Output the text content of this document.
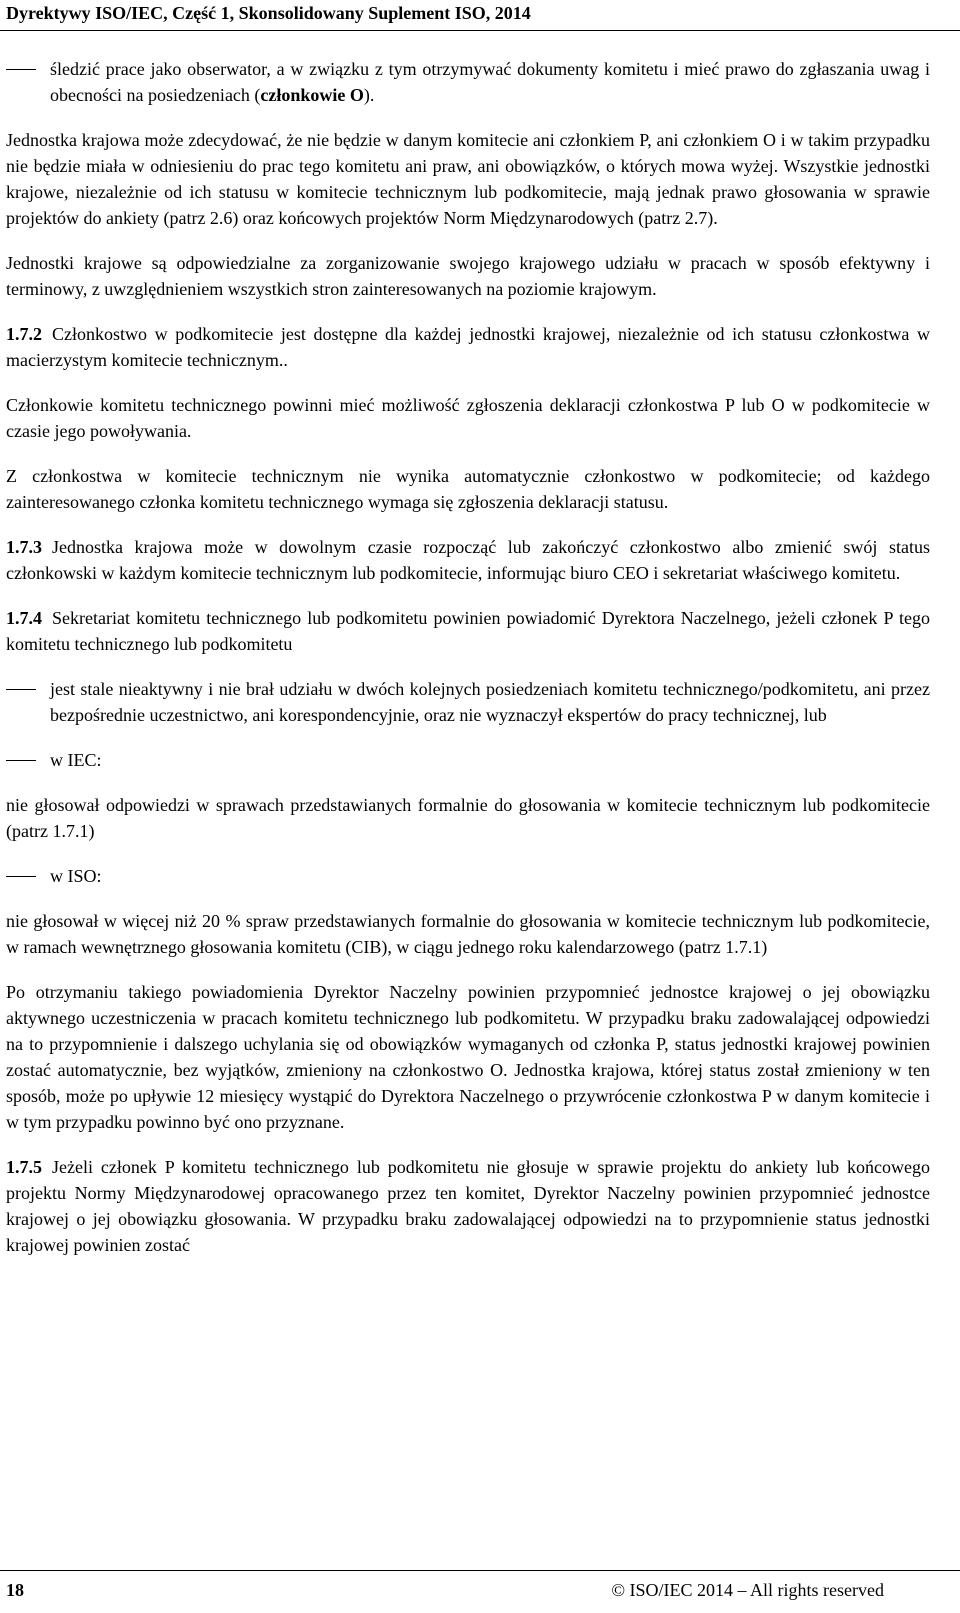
Dyrektywy ISO/IEC, Część 1, Skonsolidowany Suplement ISO, 2014

śledzić prace jako obserwator, a w związku z tym otrzymywać dokumenty komitetu i mieć prawo do zgłaszania uwag i obecności na posiedzeniach (członkowie O).

Jednostka krajowa może zdecydować, że nie będzie w danym komitecie ani członkiem P, ani członkiem O i w takim przypadku nie będzie miała w odniesieniu do prac tego komitetu ani praw, ani obowiązków, o których mowa wyżej. Wszystkie jednostki krajowe, niezależnie od ich statusu w komitecie technicznym lub podkomitecie, mają jednak prawo głosowania w sprawie projektów do ankiety (patrz 2.6) oraz końcowych projektów Norm Międzynarodowych (patrz 2.7).

Jednostki krajowe są odpowiedzialne za zorganizowanie swojego krajowego udziału w pracach w sposób efektywny i terminowy, z uwzględnieniem wszystkich stron zainteresowanych na poziomie krajowym.

1.7.2 Członkostwo w podkomitecie jest dostępne dla każdej jednostki krajowej, niezależnie od ich statusu członkostwa w macierzystym komitecie technicznym..

Członkowie komitetu technicznego powinni mieć możliwość zgłoszenia deklaracji członkostwa P lub O w podkomitecie w czasie jego powoływania.

Z członkostwa w komitecie technicznym nie wynika automatycznie członkostwo w podkomitecie; od każdego zainteresowanego członka komitetu technicznego wymaga się zgłoszenia deklaracji statusu.

1.7.3 Jednostka krajowa może w dowolnym czasie rozpocząć lub zakończyć członkostwo albo zmienić swój status członkowski w każdym komitecie technicznym lub podkomitecie, informując biuro CEO i sekretariat właściwego komitetu.

1.7.4 Sekretariat komitetu technicznego lub podkomitetu powinien powiadomić Dyrektora Naczelnego, jeżeli członek P tego komitetu technicznego lub podkomitetu

jest stale nieaktywny i nie brał udziału w dwóch kolejnych posiedzeniach komitetu technicznego/podkomitetu, ani przez bezpośrednie uczestnictwo, ani korespondencyjnie, oraz nie wyznaczył ekspertów do pracy technicznej, lub

w IEC:

nie głosował odpowiedzi w sprawach przedstawianych formalnie do głosowania w komitecie technicznym lub podkomitecie (patrz 1.7.1)

w ISO:

nie głosował w więcej niż 20 % spraw przedstawianych formalnie do głosowania w komitecie technicznym lub podkomitecie, w ramach wewnętrznego głosowania komitetu (CIB), w ciągu jednego roku kalendarzowego (patrz 1.7.1)

Po otrzymaniu takiego powiadomienia Dyrektor Naczelny powinien przypomnieć jednostce krajowej o jej obowiązku aktywnego uczestniczenia w pracach komitetu technicznego lub podkomitetu. W przypadku braku zadowalającej odpowiedzi na to przypomnienie i dalszego uchylania się od obowiązków wymaganych od członka P, status jednostki krajowej powinien zostać automatycznie, bez wyjątków, zmieniony na członkostwo O. Jednostka krajowa, której status został zmieniony w ten sposób, może po upływie 12 miesięcy wystąpić do Dyrektora Naczelnego o przywrócenie członkostwa P w danym komitecie i w tym przypadku powinno być ono przyznane.

1.7.5 Jeżeli członek P komitetu technicznego lub podkomitetu nie głosuje w sprawie projektu do ankiety lub końcowego projektu Normy Międzynarodowej opracowanego przez ten komitet, Dyrektor Naczelny powinien przypomnieć jednostce krajowej o jej obowiązku głosowania. W przypadku braku zadowalającej odpowiedzi na to przypomnienie status jednostki krajowej powinien zostać

18	© ISO/IEC 2014 – All rights reserved
